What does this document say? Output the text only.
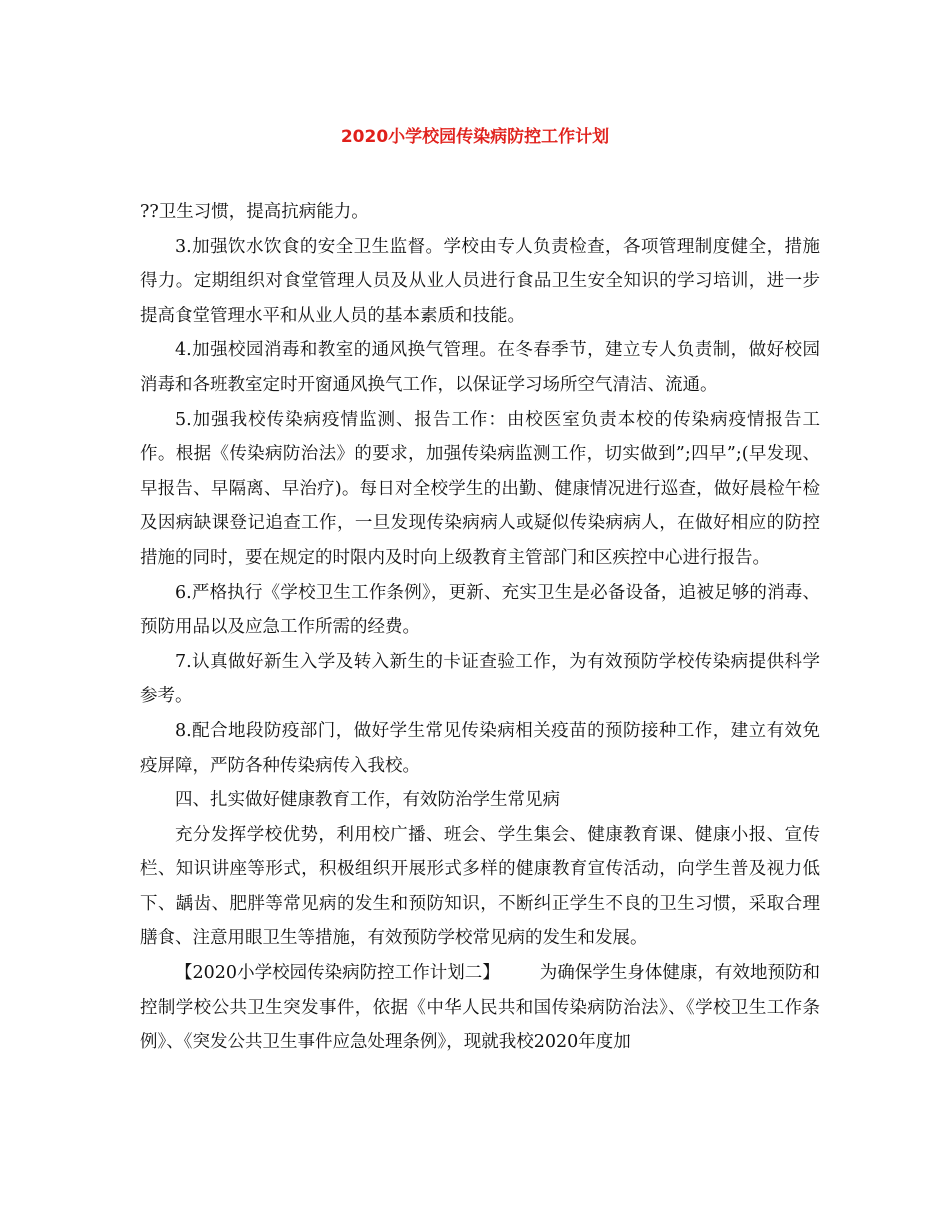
2020小学校园传染病防控工作计划

??卫生习惯，提高抗病能力。

3.加强饮水饮食的安全卫生监督。学校由专人负责检查，各项管理制度健全，措施得力。定期组织对食堂管理人员及从业人员进行食品卫生安全知识的学习培训，进一步提高食堂管理水平和从业人员的基本素质和技能。

4.加强校园消毒和教室的通风换气管理。在冬春季节，建立专人负责制，做好校园消毒和各班教室定时开窗通风换气工作，以保证学习场所空气清洁、流通。

5.加强我校传染病疫情监测、报告工作：由校医室负责本校的传染病疫情报告工作。根据《传染病防治法》的要求，加强传染病监测工作，切实做到”;四早”;(早发现、早报告、早隔离、早治疗)。每日对全校学生的出勤、健康情况进行巡查，做好晨检午检及因病缺课登记追查工作，一旦发现传染病病人或疑似传染病病人，在做好相应的防控措施的同时，要在规定的时限内及时向上级教育主管部门和区疾控中心进行报告。

6.严格执行《学校卫生工作条例》，更新、充实卫生是必备设备，追被足够的消毒、预防用品以及应急工作所需的经费。

7.认真做好新生入学及转入新生的卡证查验工作，为有效预防学校传染病提供科学参考。

8.配合地段防疫部门，做好学生常见传染病相关疫苗的预防接种工作，建立有效免疫屏障，严防各种传染病传入我校。

四、扎实做好健康教育工作，有效防治学生常见病

充分发挥学校优势，利用校广播、班会、学生集会、健康教育课、健康小报、宣传栏、知识讲座等形式，积极组织开展形式多样的健康教育宣传活动，向学生普及视力低下、龋齿、肥胖等常见病的发生和预防知识，不断纠正学生不良的卫生习惯，采取合理膳食、注意用眼卫生等措施，有效预防学校常见病的发生和发展。

【2020小学校园传染病防控工作计划二】 为确保学生身体健康，有效地预防和控制学校公共卫生突发事件，依据《中华人民共和国传染病防治法》、《学校卫生工作条例》、《突发公共卫生事件应急处理条例》，现就我校2020年度加
